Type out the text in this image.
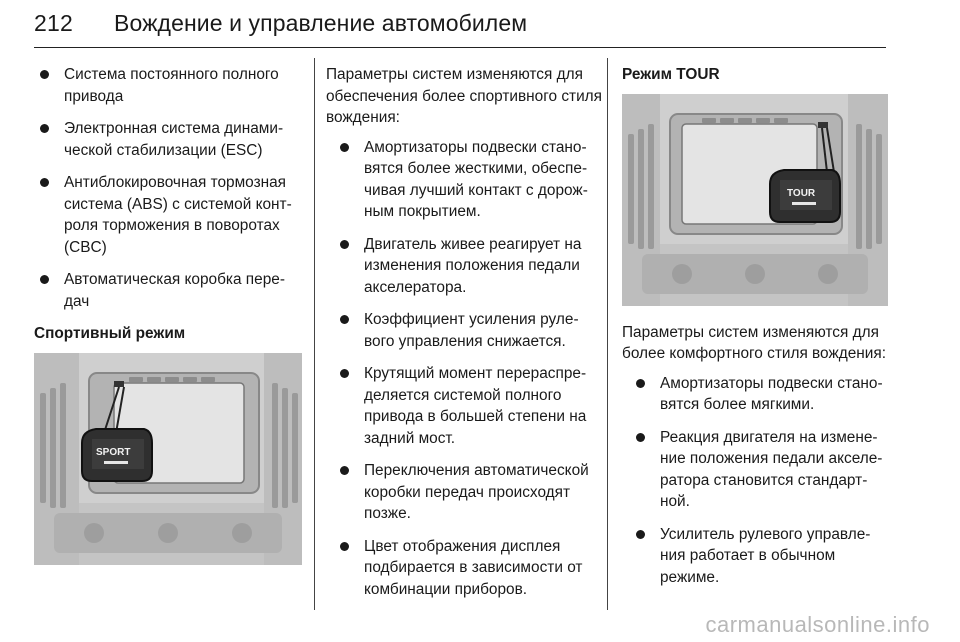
212 Вождение и управление автомобилем
Система постоянного полного привода
Электронная система динамической стабилизации (ESC)
Антиблокировочная тормозная система (ABS) с системой контроля торможения в поворотах (CBC)
Автоматическая коробка передач
Спортивный режим
SPORT
Параметры систем изменяются для обеспечения более спортивного стиля вождения:
Амортизаторы подвески становятся более жесткими, обеспечивая лучший контакт с дорожным покрытием.
Двигатель живее реагирует на изменения положения педали акселератора.
Коэффициент усиления рулевого управления снижается.
Крутящий момент перераспределяется системой полного привода в большей степени на задний мост.
Переключения автоматической коробки передач происходят позже.
Цвет отображения дисплея подбирается в зависимости от комбинации приборов.
Режим TOUR
TOUR
Параметры систем изменяются для более комфортного стиля вождения:
Амортизаторы подвески становятся более мягкими.
Реакция двигателя на изменение положения педали акселератора становится стандартной.
Усилитель рулевого управления работает в обычном режиме.
carmanualsonline.info
